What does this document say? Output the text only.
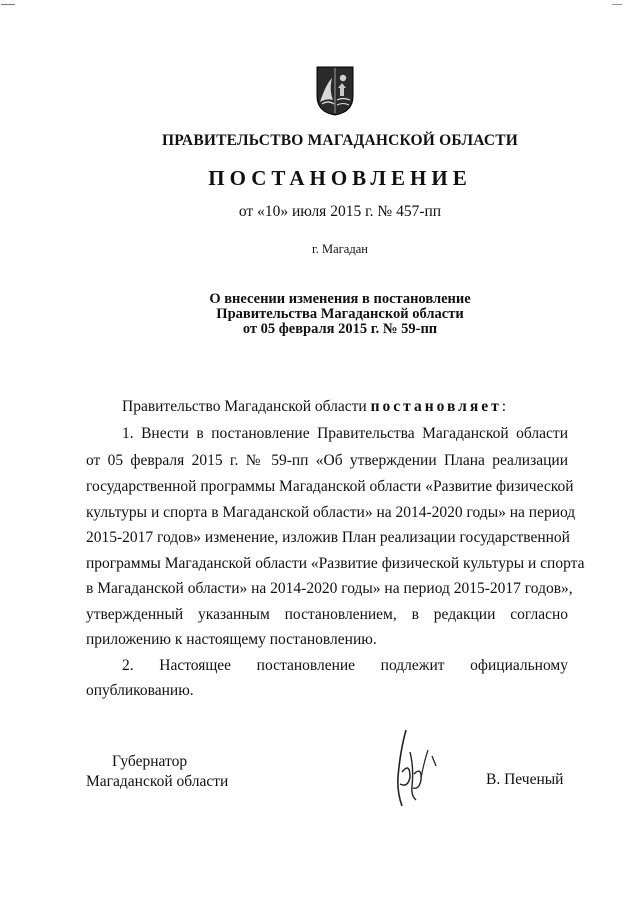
ПРАВИТЕЛЬСТВО МАГАДАНСКОЙ ОБЛАСТИ
ПОСТАНОВЛЕНИЕ
от «10» июля 2015 г. № 457-пп
г. Магадан
О внесении изменения в постановление
Правительства Магаданской области
от 05 февраля 2015 г. № 59-пп
Правительство Магаданской области постановляет:
1. Внести в постановление Правительства Магаданской области
от 05 февраля 2015 г. № 59-пп «Об утверждении Плана реализации
государственной программы Магаданской области «Развитие физической
культуры и спорта в Магаданской области» на 2014-2020 годы» на период
2015-2017 годов» изменение, изложив План реализации государственной
программы Магаданской области «Развитие физической культуры и спорта
в Магаданской области» на 2014-2020 годы» на период 2015-2017 годов»,
утвержденный указанным постановлением, в редакции согласно
приложению к настоящему постановлению.
2. Настоящее постановление подлежит официальному
опубликованию.
Губернатор
Магаданской области	В. Печеный
